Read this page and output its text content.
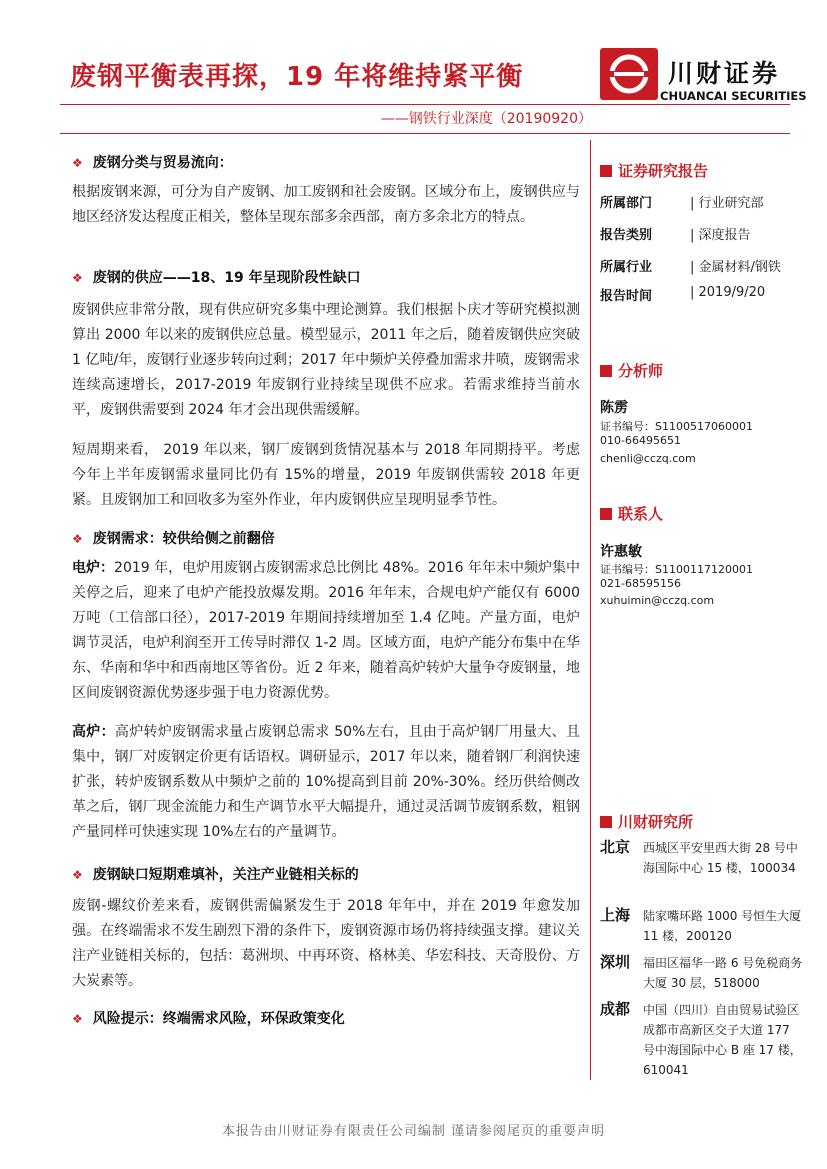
废钢平衡表再探，19 年将维持紧平衡
——钢铁行业深度（20190920）
川财证券
CHUANCAI SECURITIES
❖ 废钢分类与贸易流向：
根据废钢来源，可分为自产废钢、加工废钢和社会废钢。区域分布上，废钢供应与地区经济发达程度正相关，整体呈现东部多余西部，南方多余北方的特点。
❖ 废钢的供应——18、19 年呈现阶段性缺口
废钢供应非常分散，现有供应研究多集中理论测算。我们根据卜庆才等研究模拟测算出 2000 年以来的废钢供应总量。模型显示，2011 年之后，随着废钢供应突破 1 亿吨/年，废钢行业逐步转向过剩；2017 年中频炉关停叠加需求井喷，废钢需求连续高速增长，2017-2019 年废钢行业持续呈现供不应求。若需求维持当前水平，废钢供需要到 2024 年才会出现供需缓解。
短周期来看， 2019 年以来，钢厂废钢到货情况基本与 2018 年同期持平。考虑今年上半年废钢需求量同比仍有 15%的增量，2019 年废钢供需较 2018 年更紧。且废钢加工和回收多为室外作业，年内废钢供应呈现明显季节性。
❖ 废钢需求：较供给侧之前翻倍
电炉：2019 年，电炉用废钢占废钢需求总比例比 48%。2016 年年末中频炉集中关停之后，迎来了电炉产能投放爆发期。2016 年年末，合规电炉产能仅有 6000 万吨（工信部口径），2017-2019 年期间持续增加至 1.4 亿吨。产量方面，电炉调节灵活，电炉利润至开工传导时滞仅 1-2 周。区域方面，电炉产能分布集中在华东、华南和华中和西南地区等省份。近 2 年来，随着高炉转炉大量争夺废钢量，地区间废钢资源优势逐步强于电力资源优势。
高炉：高炉转炉废钢需求量占废钢总需求 50%左右，且由于高炉钢厂用量大、且集中，钢厂对废钢定价更有话语权。调研显示，2017 年以来，随着钢厂利润快速扩张，转炉废钢系数从中频炉之前的 10%提高到目前 20%-30%。经历供给侧改革之后，钢厂现金流能力和生产调节水平大幅提升，通过灵活调节废钢系数，粗钢产量同样可快速实现 10%左右的产量调节。
❖ 废钢缺口短期难填补，关注产业链相关标的
废钢-螺纹价差来看，废钢供需偏紧发生于 2018 年年中，并在 2019 年愈发加强。在终端需求不发生剧烈下滑的条件下，废钢资源市场仍将持续强支撑。建议关注产业链相关标的，包括：葛洲坝、中再环资、格林美、华宏科技、天奇股份、方大炭素等。
❖ 风险提示：终端需求风险，环保政策变化
证券研究报告
所属部门	| 行业研究部
报告类别	| 深度报告
所属行业	| 金属材料/钢铁
报告时间	| 2019/9/20
分析师
陈雳
证书编号：S1100517060001
010-66495651
chenli@cczq.com
联系人
许惠敏
证书编号：S1100117120001
021-68595156
xuhuimin@cczq.com
川财研究所
北京 西城区平安里西大街 28 号中海国际中心 15 楼，100034
上海 陆家嘴环路 1000 号恒生大厦 11 楼，200120
深圳 福田区福华一路 6 号免税商务大厦 30 层，518000
成都 中国（四川）自由贸易试验区成都市高新区交子大道 177 号中海国际中心 B 座 17 楼，610041
本报告由川财证券有限责任公司编制 谨请参阅尾页的重要声明
